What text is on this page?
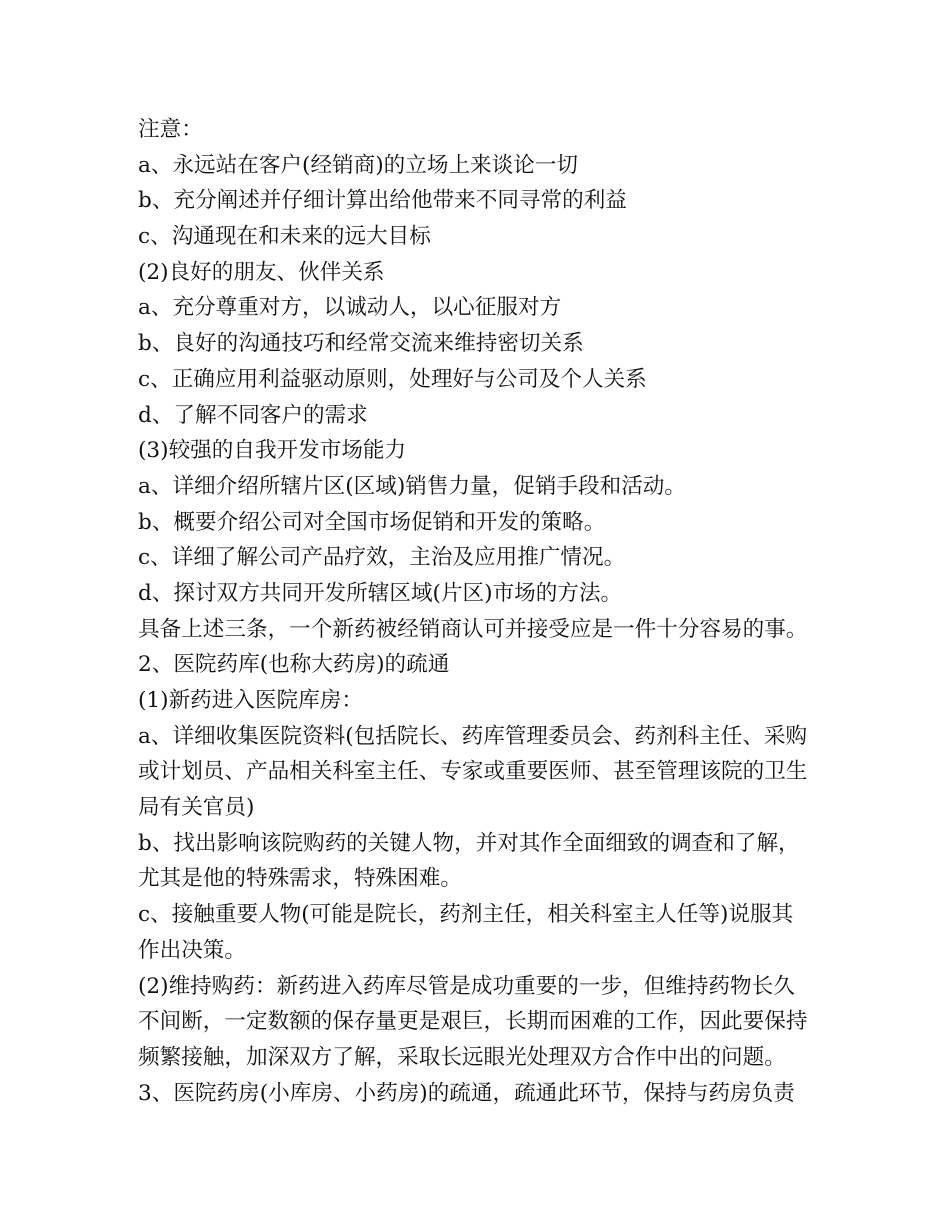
注意：
a、永远站在客户(经销商)的立场上来谈论一切
b、充分阐述并仔细计算出给他带来不同寻常的利益
c、沟通现在和未来的远大目标
(2)良好的朋友、伙伴关系
a、充分尊重对方，以诚动人，以心征服对方
b、良好的沟通技巧和经常交流来维持密切关系
c、正确应用利益驱动原则，处理好与公司及个人关系
d、了解不同客户的需求
(3)较强的自我开发市场能力
a、详细介绍所辖片区(区域)销售力量，促销手段和活动。
b、概要介绍公司对全国市场促销和开发的策略。
c、详细了解公司产品疗效，主治及应用推广情况。
d、探讨双方共同开发所辖区域(片区)市场的方法。
具备上述三条，一个新药被经销商认可并接受应是一件十分容易的事。
2、医院药库(也称大药房)的疏通
(1)新药进入医院库房：
a、详细收集医院资料(包括院长、药库管理委员会、药剂科主任、采购
或计划员、产品相关科室主任、专家或重要医师、甚至管理该院的卫生
局有关官员)
b、找出影响该院购药的关键人物，并对其作全面细致的调查和了解，
尤其是他的特殊需求，特殊困难。
c、接触重要人物(可能是院长，药剂主任，相关科室主人任等)说服其
作出决策。
(2)维持购药：新药进入药库尽管是成功重要的一步，但维持药物长久
不间断，一定数额的保存量更是艰巨，长期而困难的工作，因此要保持
频繁接触，加深双方了解，采取长远眼光处理双方合作中出的问题。
3、医院药房(小库房、小药房)的疏通，疏通此环节，保持与药房负责
